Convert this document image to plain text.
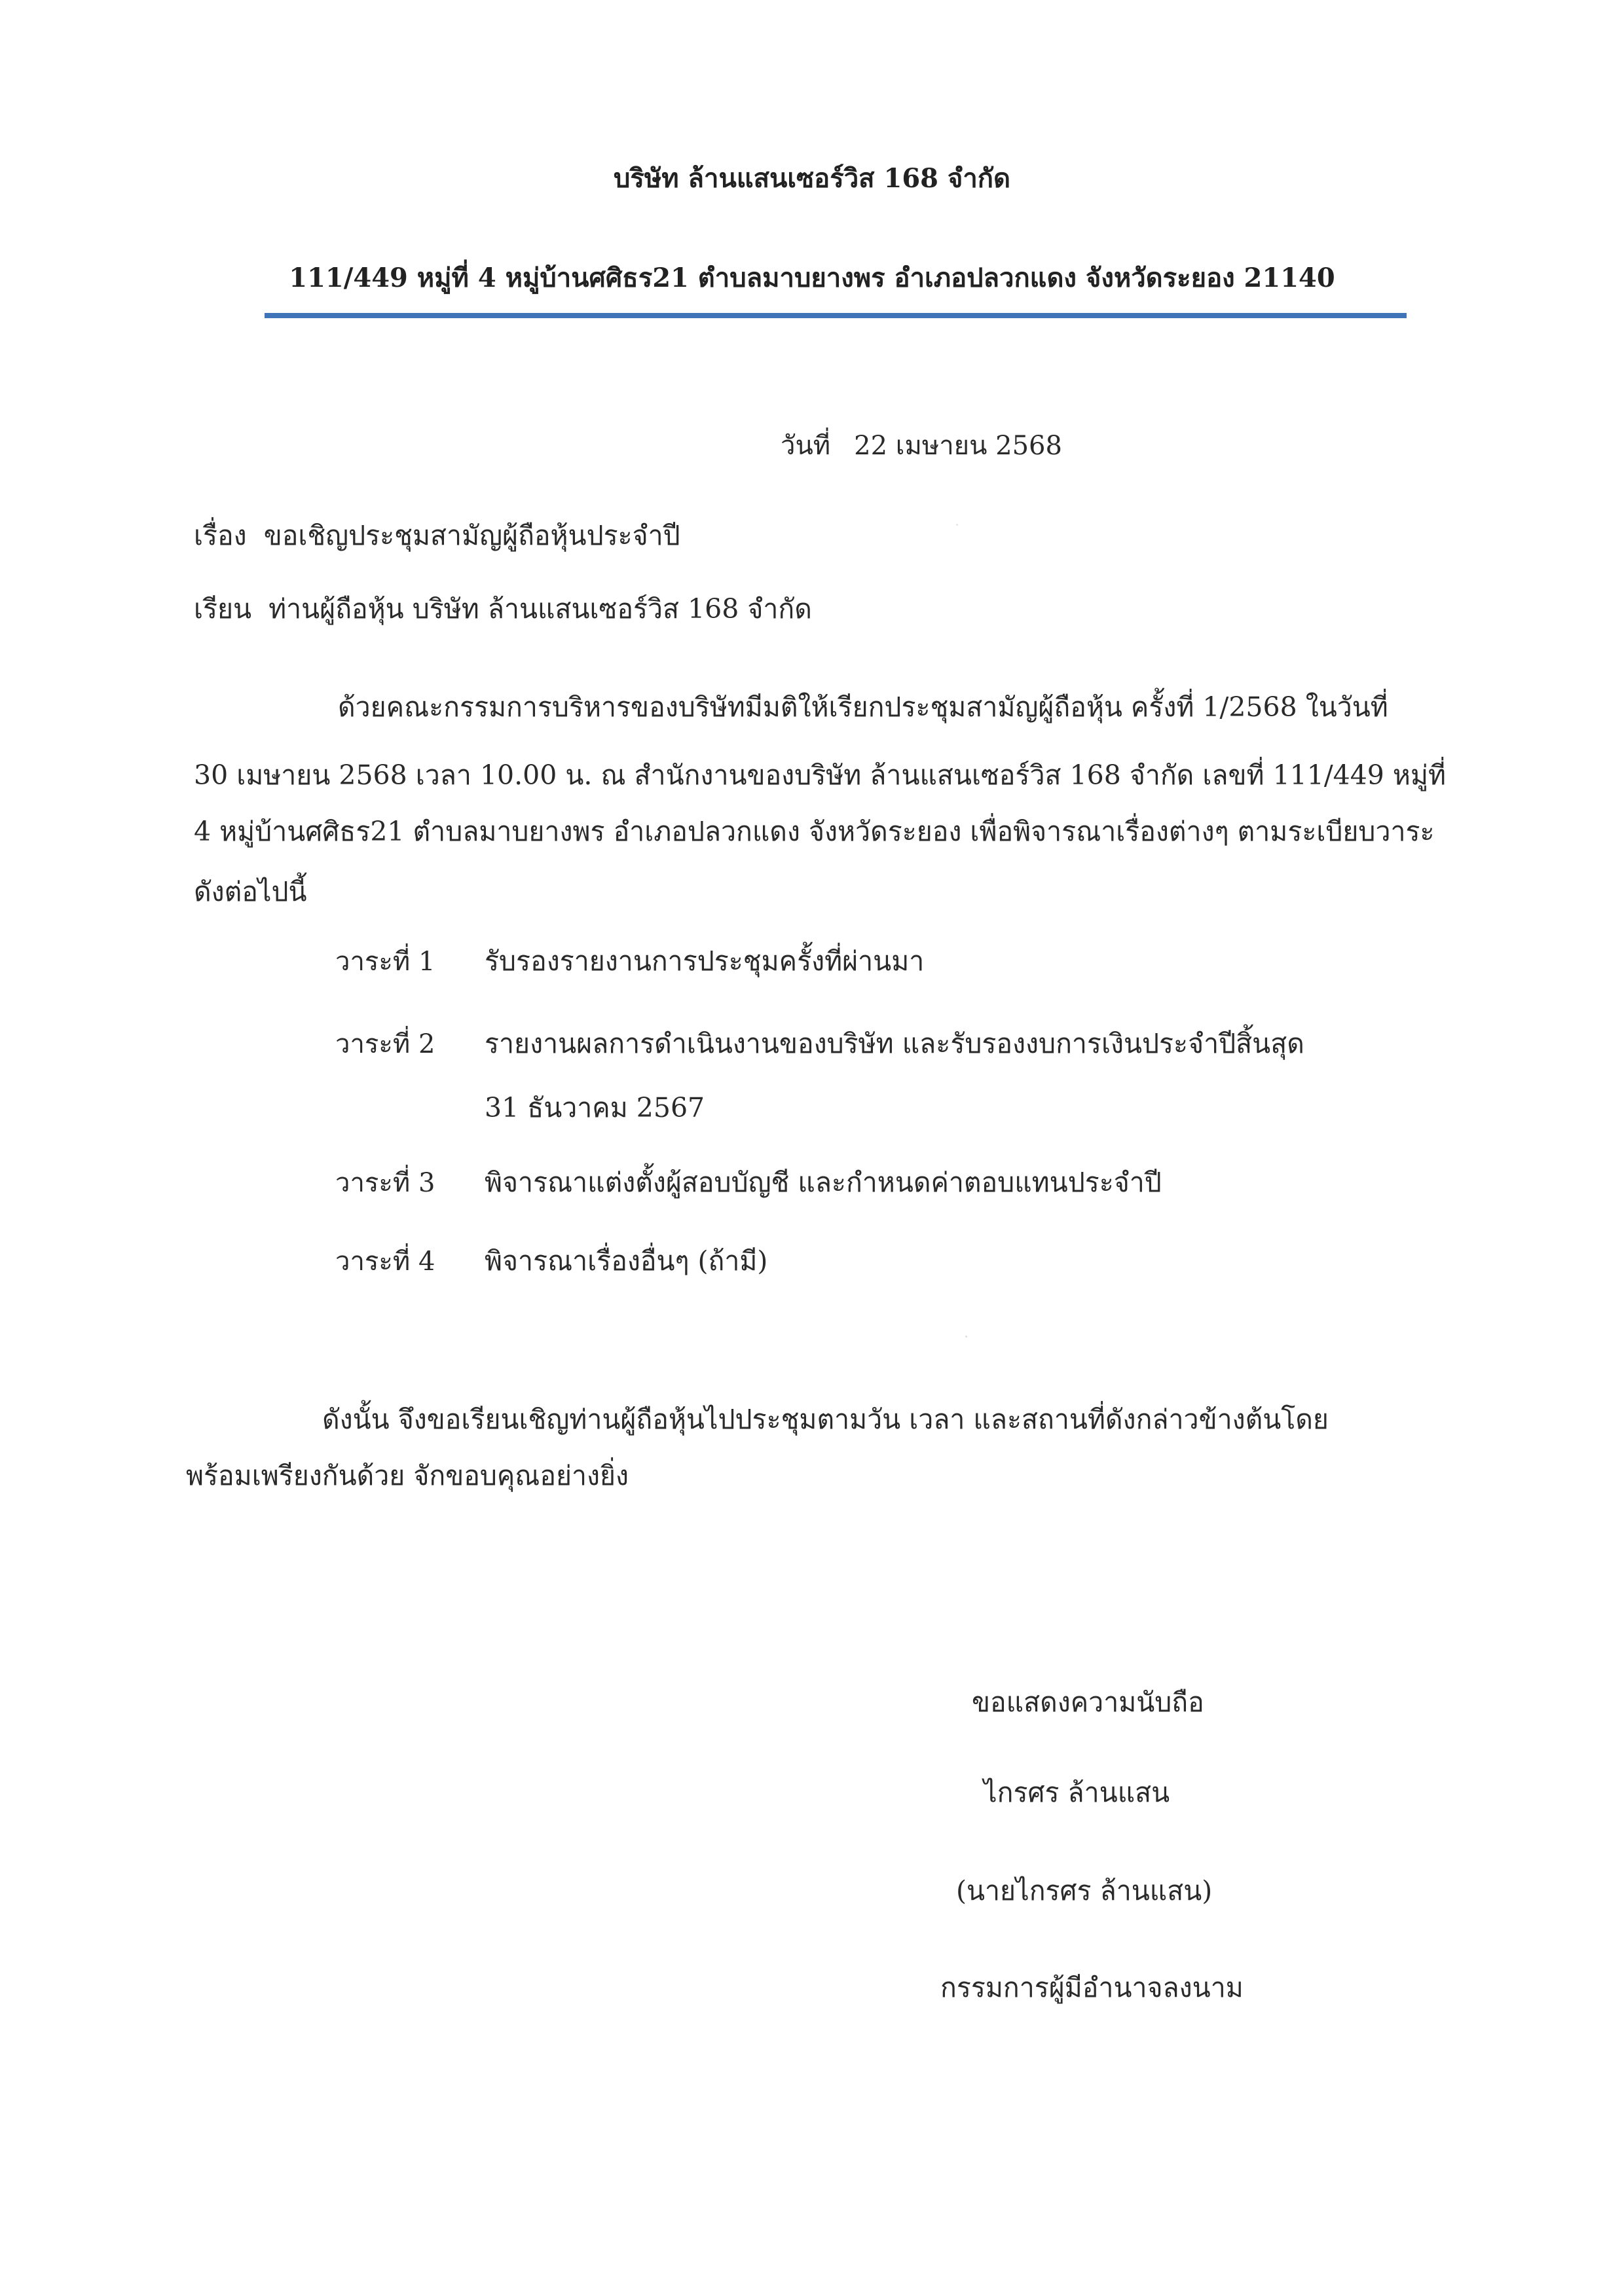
บริษัท ล้านแสนเซอร์วิส 168 จำกัด
111/449 หมู่ที่ 4 หมู่บ้านศศิธร21 ตำบลมาบยางพร อำเภอปลวกแดง จังหวัดระยอง 21140
วันที่ 22 เมษายน 2568
เรื่อง ขอเชิญประชุมสามัญผู้ถือหุ้นประจำปี
เรียน ท่านผู้ถือหุ้น บริษัท ล้านแสนเซอร์วิส 168 จำกัด
ด้วยคณะกรรมการบริหารของบริษัทมีมติให้เรียกประชุมสามัญผู้ถือหุ้น ครั้งที่ 1/2568 ในวันที่
30 เมษายน 2568 เวลา 10.00 น. ณ สำนักงานของบริษัท ล้านแสนเซอร์วิส 168 จำกัด เลขที่ 111/449 หมู่ที่
4 หมู่บ้านศศิธร21 ตำบลมาบยางพร อำเภอปลวกแดง จังหวัดระยอง เพื่อพิจารณาเรื่องต่างๆ ตามระเบียบวาระ
ดังต่อไปนี้
วาระที่ 1 รับรองรายงานการประชุมครั้งที่ผ่านมา
วาระที่ 2 รายงานผลการดำเนินงานของบริษัท และรับรองงบการเงินประจำปีสิ้นสุด
31 ธันวาคม 2567
วาระที่ 3 พิจารณาแต่งตั้งผู้สอบบัญชี และกำหนดค่าตอบแทนประจำปี
วาระที่ 4 พิจารณาเรื่องอื่นๆ (ถ้ามี)
ดังนั้น จึงขอเรียนเชิญท่านผู้ถือหุ้นไปประชุมตามวัน เวลา และสถานที่ดังกล่าวข้างต้นโดย
พร้อมเพรียงกันด้วย จักขอบคุณอย่างยิ่ง
ขอแสดงความนับถือ
ไกรศร ล้านแสน
(นายไกรศร ล้านแสน)
กรรมการผู้มีอำนาจลงนาม
